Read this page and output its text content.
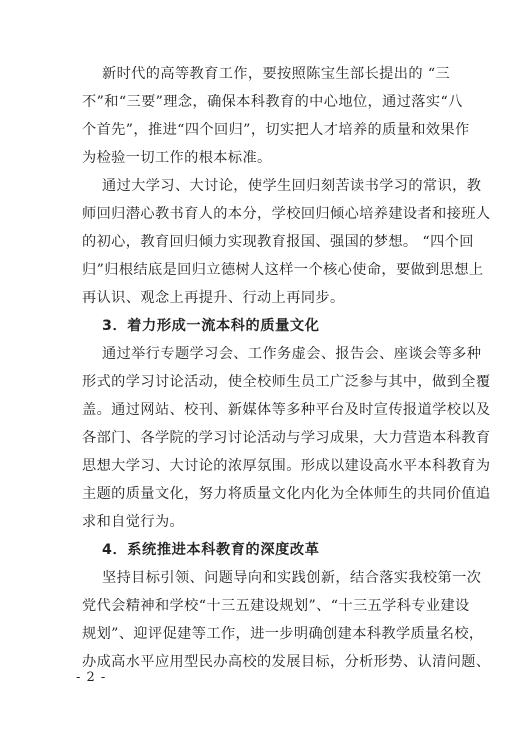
新时代的高等教育工作，要按照陈宝生部长提出的 “三
不”和“三要”理念，确保本科教育的中心地位，通过落实“八
个首先”，推进“四个回归”，切实把人才培养的质量和效果作
为检验一切工作的根本标准。
通过大学习、大讨论，使学生回归刻苦读书学习的常识，教
师回归潜心教书育人的本分，学校回归倾心培养建设者和接班人
的初心，教育回归倾力实现教育报国、强国的梦想。 “四个回
归”归根结底是回归立德树人这样一个核心使命，要做到思想上
再认识、观念上再提升、行动上再同步。
3．着力形成一流本科的质量文化
通过举行专题学习会、工作务虚会、报告会、座谈会等多种
形式的学习讨论活动，使全校师生员工广泛参与其中，做到全覆
盖。通过网站、校刊、新媒体等多种平台及时宣传报道学校以及
各部门、各学院的学习讨论活动与学习成果，大力营造本科教育
思想大学习、大讨论的浓厚氛围。形成以建设高水平本科教育为
主题的质量文化，努力将质量文化内化为全体师生的共同价值追
求和自觉行为。
4．系统推进本科教育的深度改革
坚持目标引领、问题导向和实践创新，结合落实我校第一次
党代会精神和学校“十三五建设规划”、“十三五学科专业建设
规划”、迎评促建等工作，进一步明确创建本科教学质量名校，
办成高水平应用型民办高校的发展目标，分析形势、认清问题、
- 2 -
